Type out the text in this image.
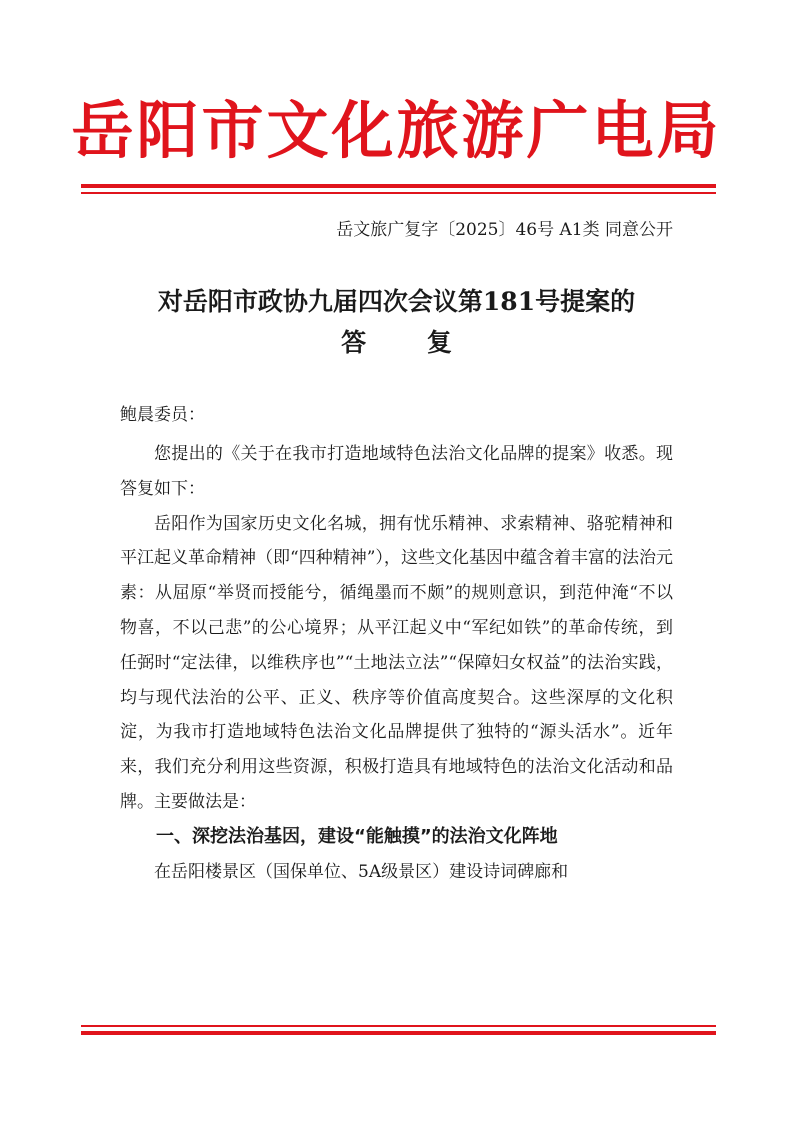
岳阳市文化旅游广电局
岳文旅广复字〔2025〕46号 A1类 同意公开
对岳阳市政协九届四次会议第181号提案的
答 复
鲍晨委员：

您提出的《关于在我市打造地域特色法治文化品牌的提案》收悉。现答复如下：

岳阳作为国家历史文化名城，拥有忧乐精神、求索精神、骆驼精神和平江起义革命精神（即“四种精神”），这些文化基因中蕴含着丰富的法治元素：从屈原“举贤而授能兮，循绳墨而不颇”的规则意识，到范仲淹“不以物喜，不以己悲”的公心境界；从平江起义中“军纪如铁”的革命传统，到任弼时“定法律，以维秩序也”“土地法立法”“保障妇女权益”的法治实践，均与现代法治的公平、正义、秩序等价值高度契合。这些深厚的文化积淀，为我市打造地域特色法治文化品牌提供了独特的“源头活水”。近年来，我们充分利用这些资源，积极打造具有地域特色的法治文化活动和品牌。主要做法是：

一、深挖法治基因，建设“能触摸”的法治文化阵地

在岳阳楼景区（国保单位、5A级景区）建设诗词碑廊和
